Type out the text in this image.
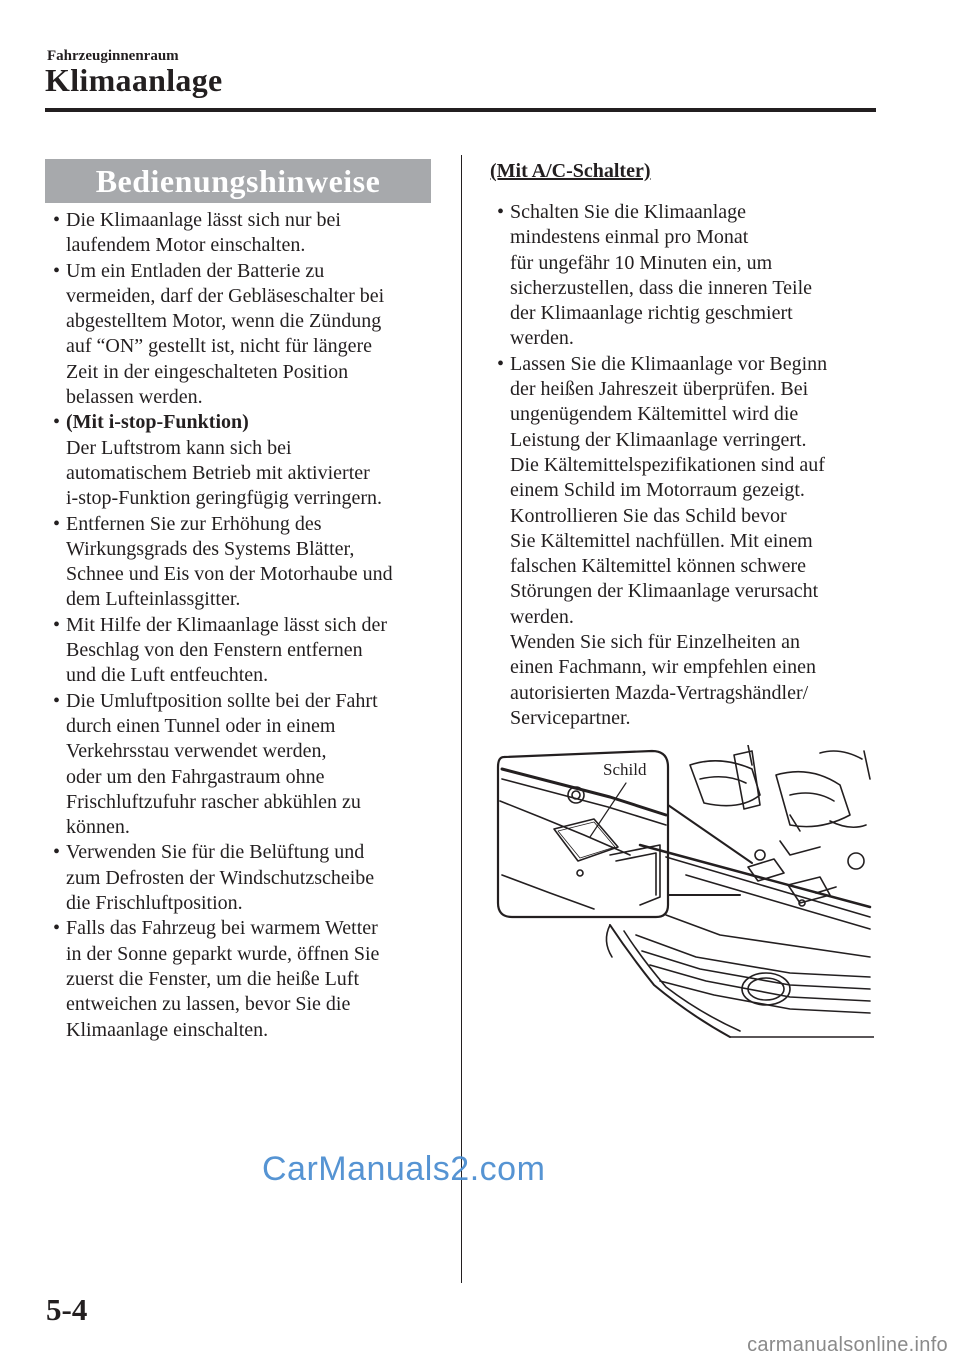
Fahrzeuginnenraum
Klimaanlage
Bedienungshinweise
• Die Klimaanlage lässt sich nur bei
laufendem Motor einschalten.
• Um ein Entladen der Batterie zu
vermeiden, darf der Gebläseschalter bei
abgestelltem Motor, wenn die Zündung
auf “ON” gestellt ist, nicht für längere
Zeit in der eingeschalteten Position
belassen werden.
• (Mit i-stop-Funktion)
Der Luftstrom kann sich bei
automatischem Betrieb mit aktivierter
i-stop-Funktion geringfügig verringern.
• Entfernen Sie zur Erhöhung des
Wirkungsgrads des Systems Blätter,
Schnee und Eis von der Motorhaube und
dem Lufteinlassgitter.
• Mit Hilfe der Klimaanlage lässt sich der
Beschlag von den Fenstern entfernen
und die Luft entfeuchten.
• Die Umluftposition sollte bei der Fahrt
durch einen Tunnel oder in einem
Verkehrsstau verwendet werden,
oder um den Fahrgastraum ohne
Frischluftzufuhr rascher abkühlen zu
können.
• Verwenden Sie für die Belüftung und
zum Defrosten der Windschutzscheibe
die Frischluftposition.
• Falls das Fahrzeug bei warmem Wetter
in der Sonne geparkt wurde, öffnen Sie
zuerst die Fenster, um die heiße Luft
entweichen zu lassen, bevor Sie die
Klimaanlage einschalten.
(Mit A/C-Schalter)
• Schalten Sie die Klimaanlage
mindestens einmal pro Monat
für ungefähr 10 Minuten ein, um
sicherzustellen, dass die inneren Teile
der Klimaanlage richtig geschmiert
werden.
• Lassen Sie die Klimaanlage vor Beginn
der heißen Jahreszeit überprüfen. Bei
ungenügendem Kältemittel wird die
Leistung der Klimaanlage verringert.
Die Kältemittelspezifikationen sind auf
einem Schild im Motorraum gezeigt.
Kontrollieren Sie das Schild bevor
Sie Kältemittel nachfüllen. Mit einem
falschen Kältemittel können schwere
Störungen der Klimaanlage verursacht
werden.
Wenden Sie sich für Einzelheiten an
einen Fachmann, wir empfehlen einen
autorisierten Mazda-Vertragshändler/
Servicepartner.
Schild
CarManuals2.com
5-4
carmanualsonline.info
